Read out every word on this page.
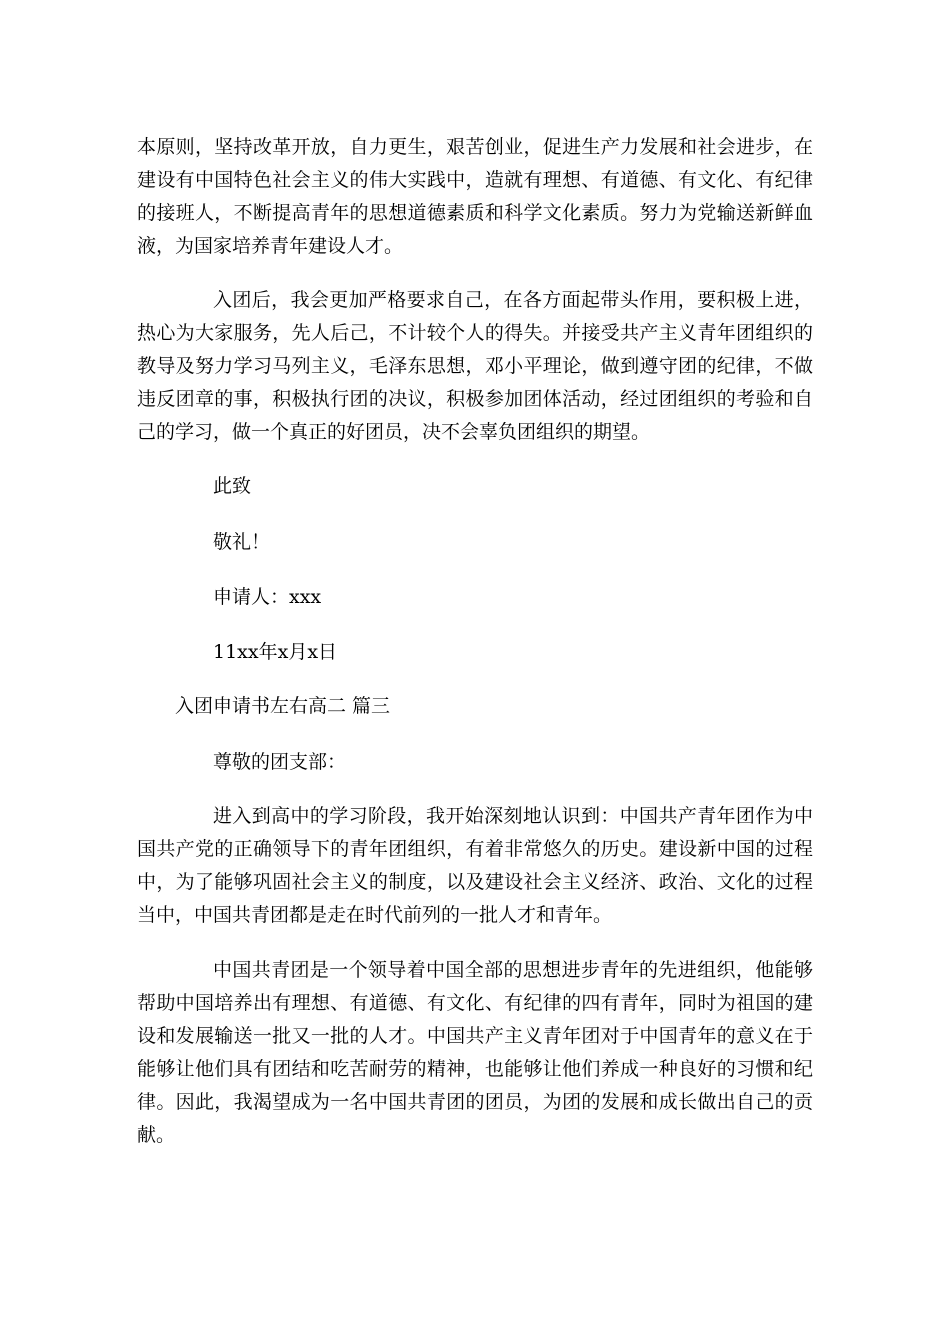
本原则，坚持改革开放，自力更生，艰苦创业，促进生产力发展和社会进步，在
建设有中国特色社会主义的伟大实践中，造就有理想、有道德、有文化、有纪律
的接班人，不断提高青年的思想道德素质和科学文化素质。努力为党输送新鲜血
液，为国家培养青年建设人才。
入团后，我会更加严格要求自己，在各方面起带头作用，要积极上进，
热心为大家服务，先人后己，不计较个人的得失。并接受共产主义青年团组织的
教导及努力学习马列主义，毛泽东思想，邓小平理论，做到遵守团的纪律，不做
违反团章的事，积极执行团的决议，积极参加团体活动，经过团组织的考验和自
己的学习，做一个真正的好团员，决不会辜负团组织的期望。
此致
敬礼！
申请人：xxx
11xx年x月x日
入团申请书左右高二 篇三
尊敬的团支部：
进入到高中的学习阶段，我开始深刻地认识到：中国共产青年团作为中
国共产党的正确领导下的青年团组织，有着非常悠久的历史。建设新中国的过程
中，为了能够巩固社会主义的制度，以及建设社会主义经济、政治、文化的过程
当中，中国共青团都是走在时代前列的一批人才和青年。
中国共青团是一个领导着中国全部的思想进步青年的先进组织，他能够
帮助中国培养出有理想、有道德、有文化、有纪律的四有青年，同时为祖国的建
设和发展输送一批又一批的人才。中国共产主义青年团对于中国青年的意义在于
能够让他们具有团结和吃苦耐劳的精神，也能够让他们养成一种良好的习惯和纪
律。因此，我渴望成为一名中国共青团的团员，为团的发展和成长做出自己的贡
献。
